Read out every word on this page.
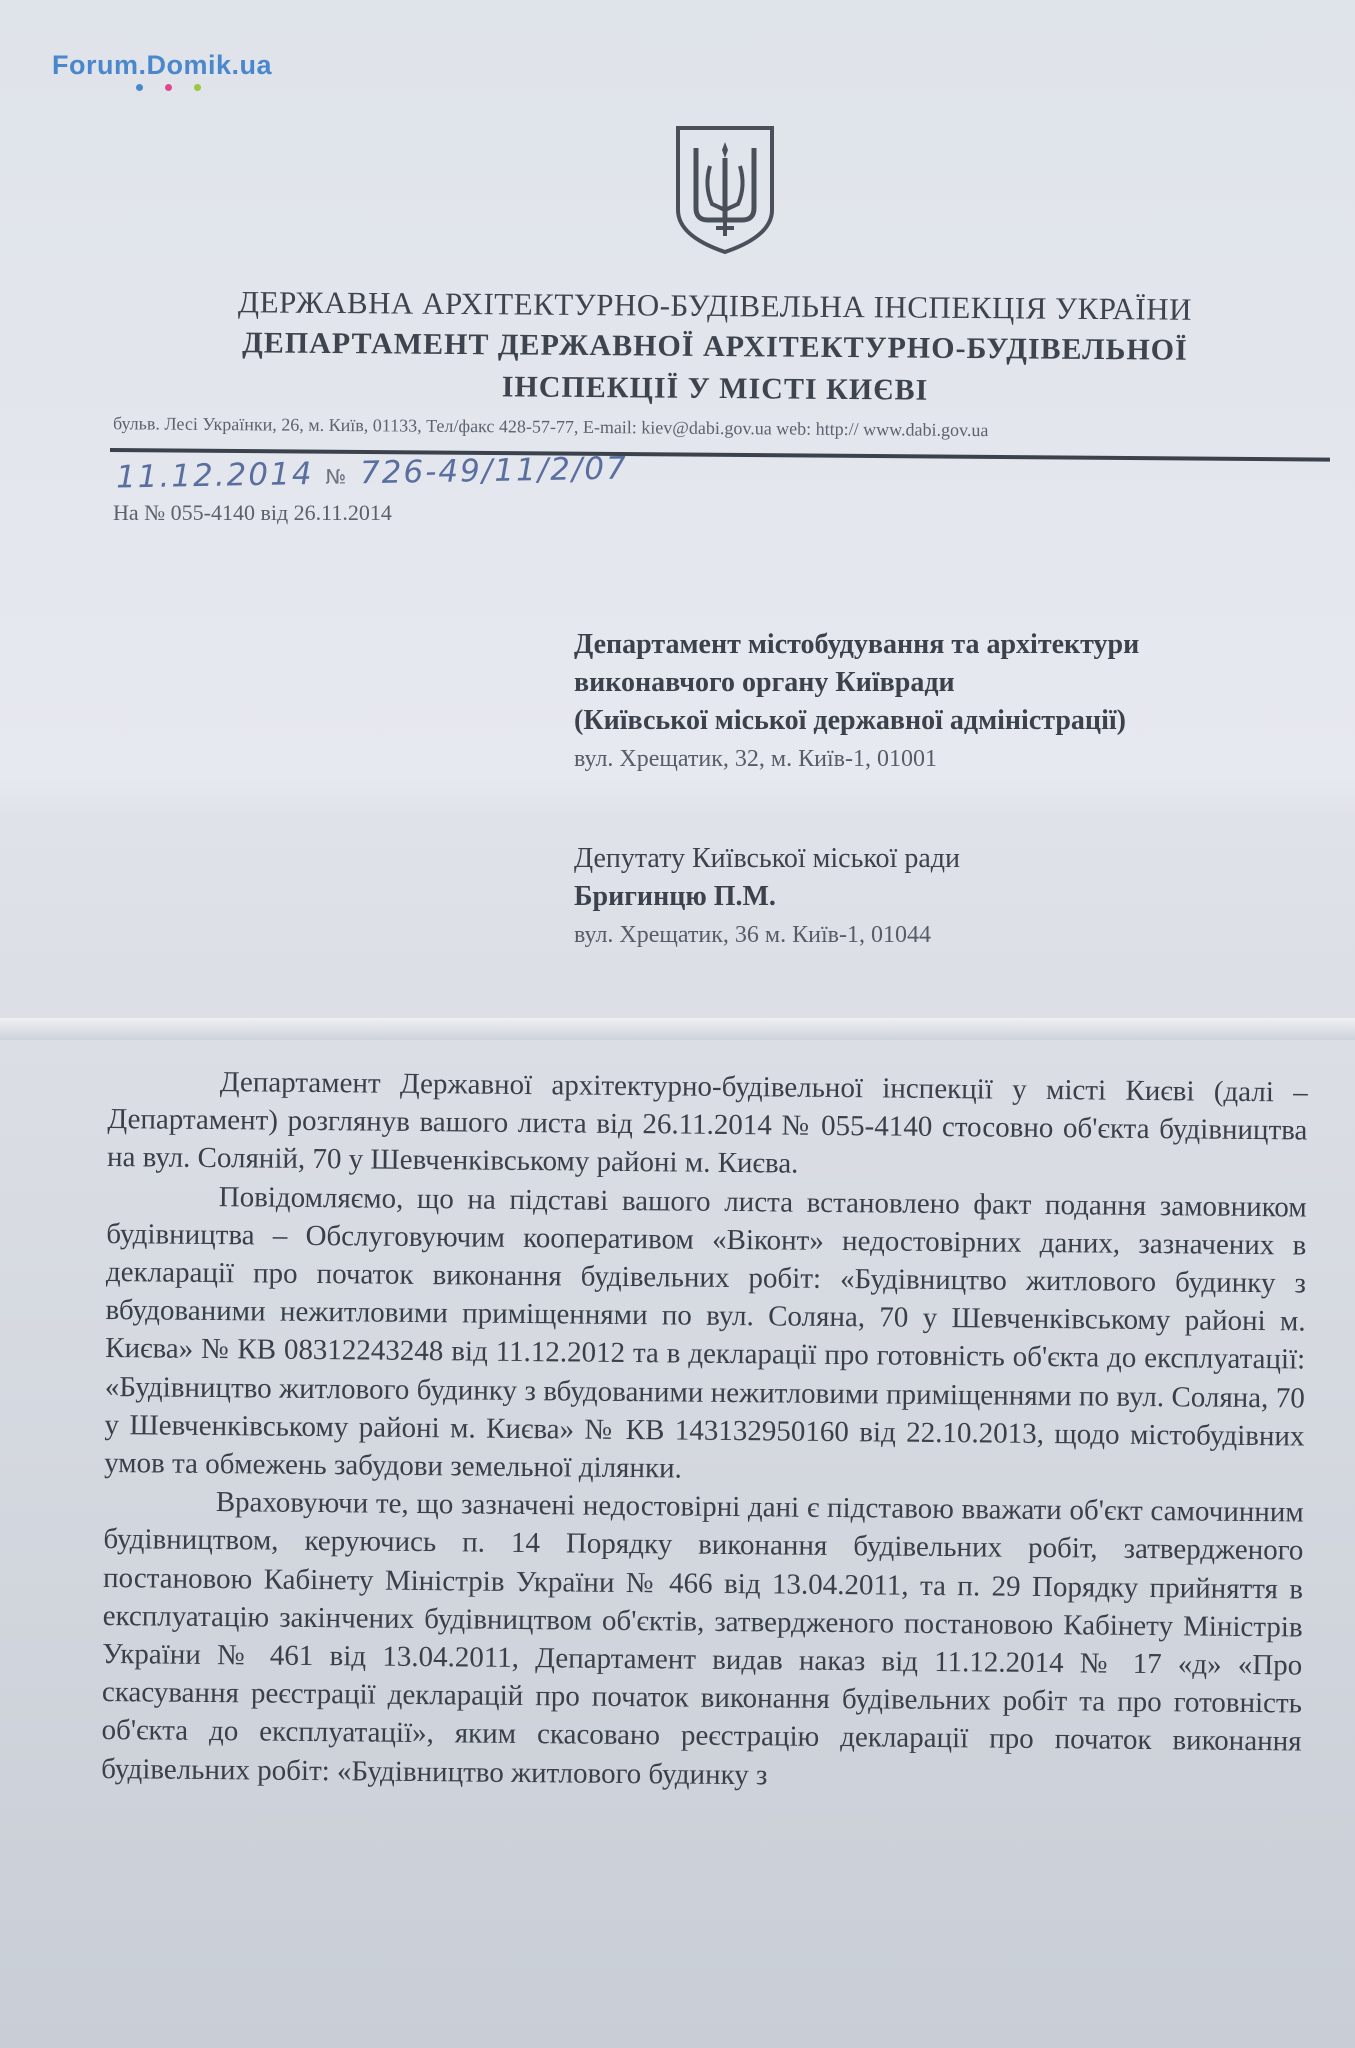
Forum.Domik.ua
ДЕРЖАВНА АРХІТЕКТУРНО-БУДІВЕЛЬНА ІНСПЕКЦІЯ УКРАЇНИ
ДЕПАРТАМЕНТ ДЕРЖАВНОЇ АРХІТЕКТУРНО-БУДІВЕЛЬНОЇ
ІНСПЕКЦІЇ У МІСТІ КИЄВІ
бульв. Лесі Українки, 26, м. Київ, 01133, Тел/факс 428-57-77, E-mail: kiev@dabi.gov.ua web: http:// www.dabi.gov.ua
11.12.2014 № 726-49/11/2/07
На № 055-4140 від 26.11.2014
Департамент містобудування та архітектури
виконавчого органу Київради
(Київської міської державної адміністрації)
вул. Хрещатик, 32, м. Київ-1, 01001
Депутату Київської міської ради
Бригинцю П.М.
вул. Хрещатик, 36 м. Київ-1, 01044

Департамент Державної архітектурно-будівельної інспекції у місті Києві (далі – Департамент) розглянув вашого листа від 26.11.2014 № 055-4140 стосовно об'єкта будівництва на вул. Соляній, 70 у Шевченківському районі м. Києва.

Повідомляємо, що на підставі вашого листа встановлено факт подання замовником будівництва – Обслуговуючим кооперативом «Віконт» недостовірних даних, зазначених в декларації про початок виконання будівельних робіт: «Будівництво житлового будинку з вбудованими нежитловими приміщеннями по вул. Соляна, 70 у Шевченківському районі м. Києва» № КВ 08312243248 від 11.12.2012 та в декларації про готовність об'єкта до експлуатації: «Будівництво житлового будинку з вбудованими нежитловими приміщеннями по вул. Соляна, 70 у Шевченківському районі м. Києва» № КВ 143132950160 від 22.10.2013, щодо містобудівних умов та обмежень забудови земельної ділянки.

Враховуючи те, що зазначені недостовірні дані є підставою вважати об'єкт самочинним будівництвом, керуючись п. 14 Порядку виконання будівельних робіт, затвердженого постановою Кабінету Міністрів України № 466 від 13.04.2011, та п. 29 Порядку прийняття в експлуатацію закінчених будівництвом об'єктів, затвердженого постановою Кабінету Міністрів України № 461 від 13.04.2011, Департамент видав наказ від 11.12.2014 № 17 «д» «Про скасування реєстрації декларацій про початок виконання будівельних робіт та про готовність об'єкта до експлуатації», яким скасовано реєстрацію декларації про початок виконання будівельних робіт: «Будівництво житлового будинку з
